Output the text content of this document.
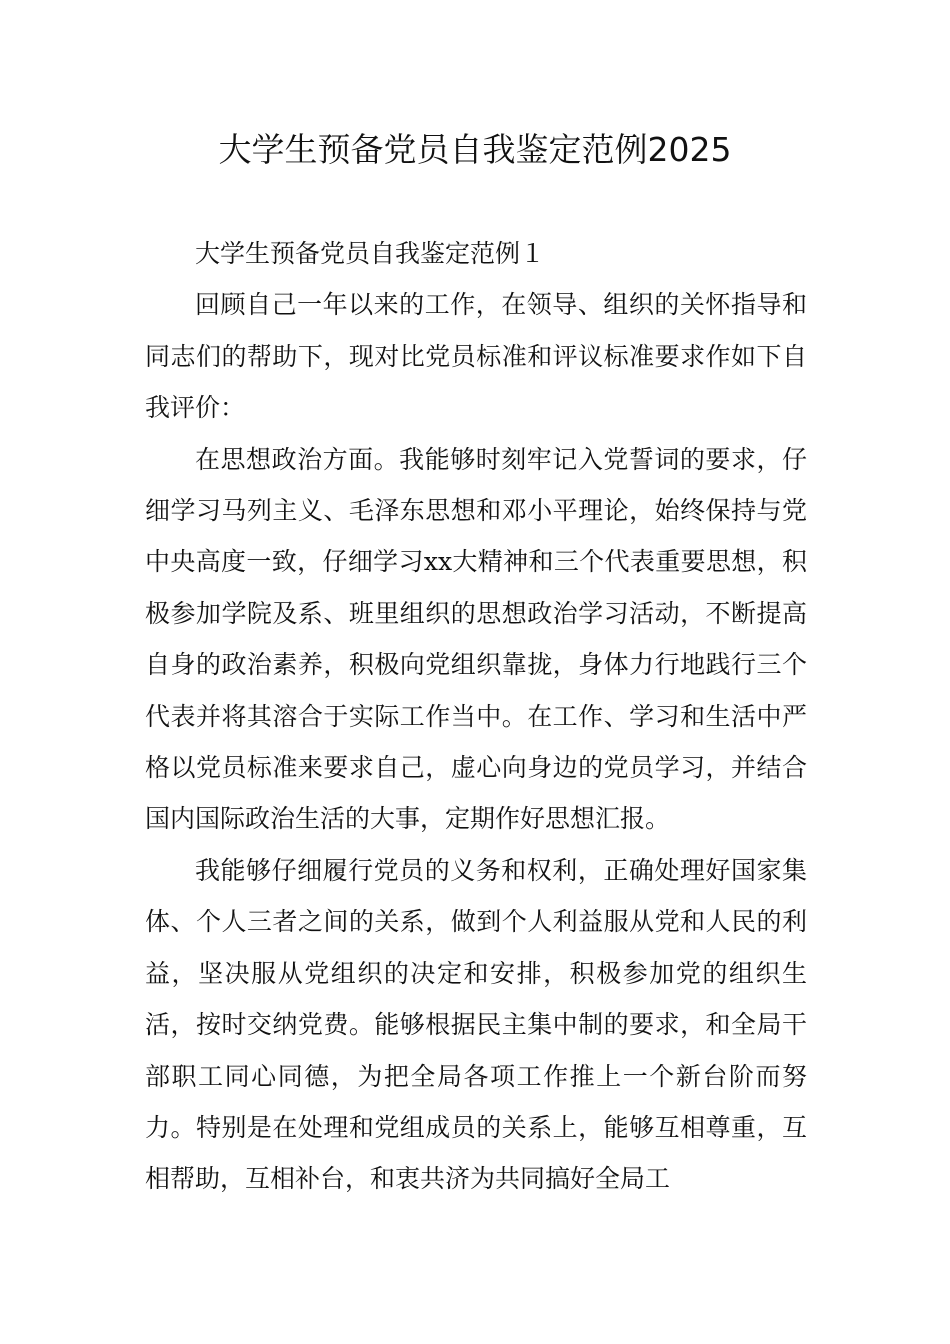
大学生预备党员自我鉴定范例2025

大学生预备党员自我鉴定范例１

回顾自己一年以来的工作，在领导、组织的关怀指导和同志们的帮助下，现对比党员标准和评议标准要求作如下自我评价：

在思想政治方面。我能够时刻牢记入党誓词的要求，仔细学习马列主义、毛泽东思想和邓小平理论，始终保持与党中央高度一致，仔细学习xx大精神和三个代表重要思想，积极参加学院及系、班里组织的思想政治学习活动，不断提高自身的政治素养，积极向党组织靠拢，身体力行地践行三个代表并将其溶合于实际工作当中。在工作、学习和生活中严格以党员标准来要求自己，虚心向身边的党员学习，并结合国内国际政治生活的大事，定期作好思想汇报。

我能够仔细履行党员的义务和权利，正确处理好国家集体、个人三者之间的关系，做到个人利益服从党和人民的利益，坚决服从党组织的决定和安排，积极参加党的组织生活，按时交纳党费。能够根据民主集中制的要求，和全局干部职工同心同德，为把全局各项工作推上一个新台阶而努力。特别是在处理和党组成员的关系上，能够互相尊重，互相帮助，互相补台，和衷共济为共同搞好全局工
